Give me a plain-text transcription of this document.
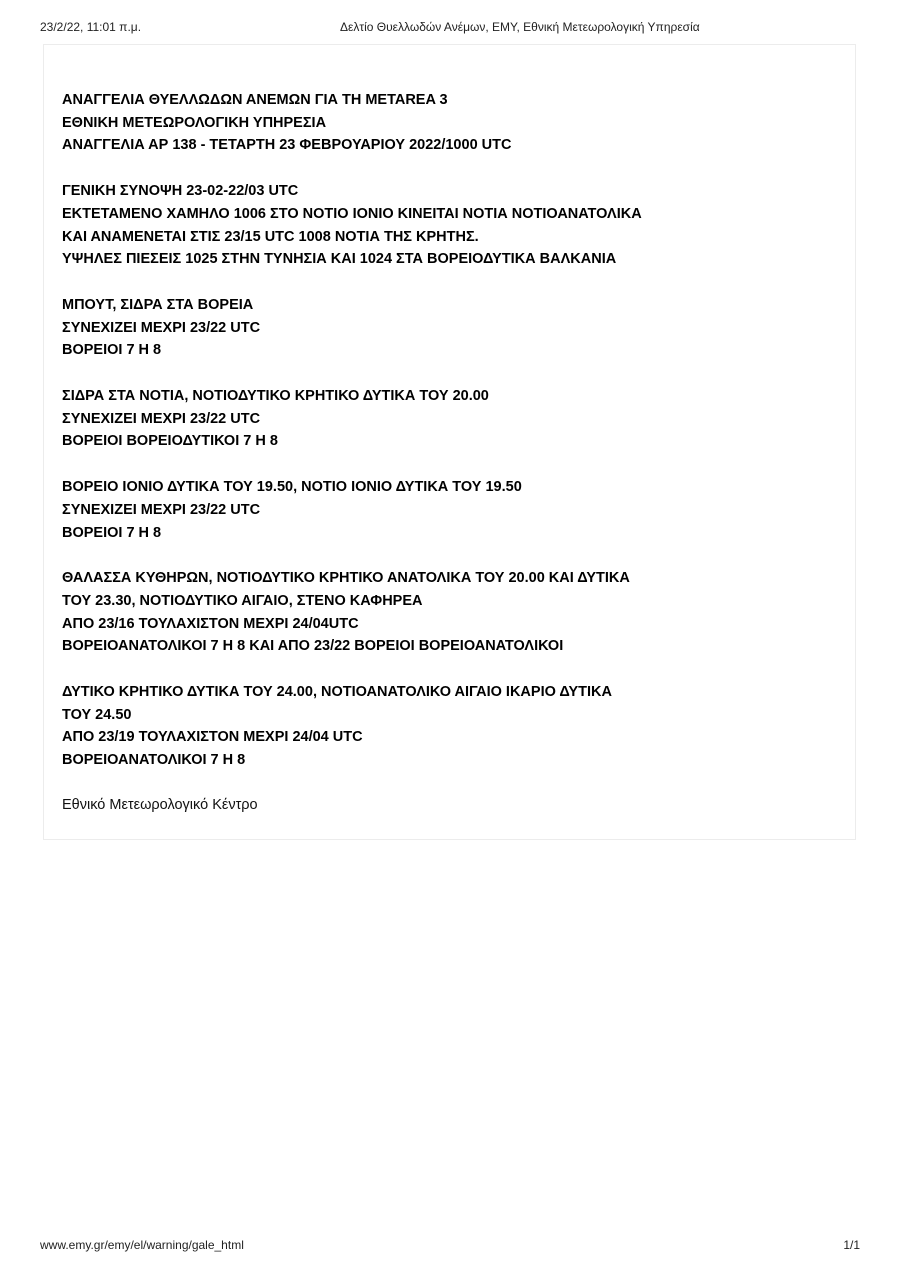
23/2/22, 11:01 π.μ.	Δελτίο Θυελλωδών Ανέμων, ΕΜΥ, Εθνική Μετεωρολογική Υπηρεσία
ΑΝΑΓΓΕΛΙΑ ΘΥΕΛΛΩΔΩΝ ΑΝΕΜΩΝ ΓΙΑ ΤΗ METAREA 3
ΕΘΝΙΚΗ ΜΕΤΕΩΡΟΛΟΓΙΚΗ ΥΠΗΡΕΣΙΑ
ΑΝΑΓΓΕΛΙΑ ΑΡ 138 - ΤΕΤΑΡΤΗ 23 ΦΕΒΡΟΥΑΡΙΟΥ 2022/1000 UTC
ΓΕΝΙΚΗ ΣΥΝΟΨΗ 23-02-22/03 UTC
ΕΚΤΕΤΑΜΕΝΟ ΧΑΜΗΛΟ 1006 ΣΤΟ ΝΟΤΙΟ ΙΟΝΙΟ ΚΙΝΕΙΤΑΙ ΝΟΤΙΑ ΝΟΤΙΟΑΝΑΤΟΛΙΚΑ
ΚΑΙ ΑΝΑΜΕΝΕΤΑΙ ΣΤΙΣ 23/15 UTC 1008 ΝΟΤΙΑ ΤΗΣ ΚΡΗΤΗΣ.
ΥΨΗΛΕΣ ΠΙΕΣΕΙΣ 1025 ΣΤΗΝ ΤΥΝΗΣΙΑ ΚΑΙ 1024 ΣΤΑ ΒΟΡΕΙΟΔΥΤΙΚΑ ΒΑΛΚΑΝΙΑ
ΜΠΟΥΤ, ΣΙΔΡΑ ΣΤΑ ΒΟΡΕΙΑ
ΣΥΝΕΧΙΖΕΙ ΜΕΧΡΙ 23/22 UTC
ΒΟΡΕΙΟΙ 7 Η 8
ΣΙΔΡΑ ΣΤΑ ΝΟΤΙΑ, ΝΟΤΙΟΔΥΤΙΚΟ ΚΡΗΤΙΚΟ ΔΥΤΙΚΑ ΤΟΥ 20.00
ΣΥΝΕΧΙΖΕΙ ΜΕΧΡΙ 23/22 UTC
ΒΟΡΕΙΟΙ ΒΟΡΕΙΟΔΥΤΙΚΟΙ 7 Η 8
ΒΟΡΕΙΟ ΙΟΝΙΟ ΔΥΤΙΚΑ ΤΟΥ 19.50, ΝΟΤΙΟ ΙΟΝΙΟ ΔΥΤΙΚΑ ΤΟΥ 19.50
ΣΥΝΕΧΙΖΕΙ ΜΕΧΡΙ 23/22 UTC
ΒΟΡΕΙΟΙ 7 Η 8
ΘΑΛΑΣΣΑ ΚΥΘΗΡΩΝ, ΝΟΤΙΟΔΥΤΙΚΟ ΚΡΗΤΙΚΟ ΑΝΑΤΟΛΙΚΑ ΤΟΥ 20.00 ΚΑΙ ΔΥΤΙΚΑ
ΤΟΥ 23.30, ΝΟΤΙΟΔΥΤΙΚΟ ΑΙΓΑΙΟ, ΣΤΕΝΟ ΚΑΦΗΡΕΑ
ΑΠΟ 23/16 ΤΟΥΛΑΧΙΣΤΟΝ ΜΕΧΡΙ 24/04UTC
ΒΟΡΕΙΟΑΝΑΤΟΛΙΚΟΙ 7 Η 8 ΚΑΙ ΑΠΟ 23/22 ΒΟΡΕΙΟΙ ΒΟΡΕΙΟΑΝΑΤΟΛΙΚΟΙ
ΔΥΤΙΚΟ ΚΡΗΤΙΚΟ ΔΥΤΙΚΑ ΤΟΥ 24.00, ΝΟΤΙΟΑΝΑΤΟΛΙΚΟ ΑΙΓΑΙΟ ΙΚΑΡΙΟ ΔΥΤΙΚΑ
ΤΟΥ 24.50
ΑΠΟ 23/19 ΤΟΥΛΑΧΙΣΤΟΝ ΜΕΧΡΙ 24/04 UTC
ΒΟΡΕΙΟΑΝΑΤΟΛΙΚΟΙ 7 Η 8
Εθνικό Μετεωρολογικό Κέντρο
www.emy.gr/emy/el/warning/gale_html	1/1
